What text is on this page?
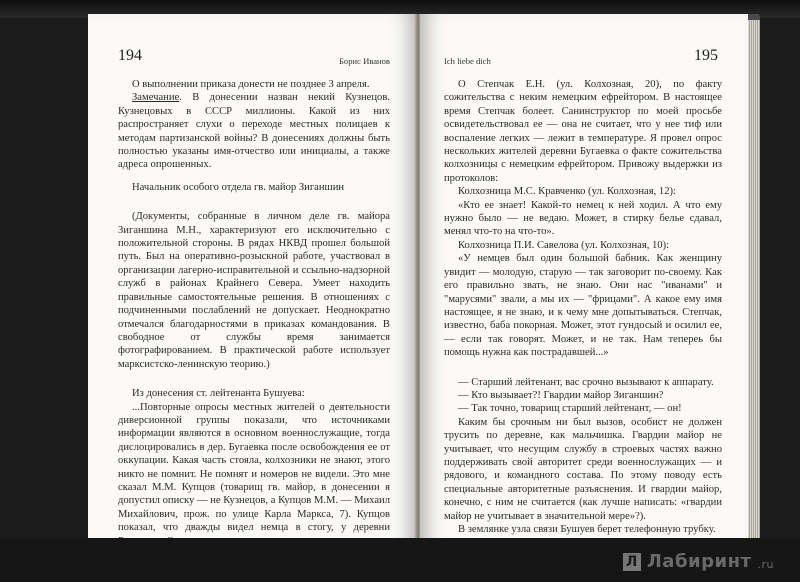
194	Борис Иванов

О выполнении приказа донести не позднее 3 апреля.

Замечание. В донесении назван некий Кузнецов. Кузнецовых в СССР миллионы. Какой из них распространяет слухи о переходе местных полицаев к методам партизанской войны? В донесениях должны быть полностью указаны имя-отчество или инициалы, а также адреса опрошенных.

Начальник особого отдела гв. майор Зиганшин

(Документы, собранные в личном деле гв. майора Зиганшина М.Н., характеризуют его исключительно с положительной стороны. В рядах НКВД прошел большой путь. Был на оперативно-розыскной работе, участвовал в организации лагерно-исправительной и ссыльно-надзорной служб в районах Крайнего Севера. Умеет находить правильные самостоятельные решения. В отношениях с подчиненными послаблений не допускает. Неоднократно отмечался благодарностями в приказах командования. В свободное от службы время занимается фотографированием. В практической работе использует марксистско-ленинскую теорию.)

Из донесения ст. лейтенанта Бушуева:

...Повторные опросы местных жителей о деятельности диверсионной группы показали, что источниками информации являются в основном военнослужащие, тогда дислоцировались в дер. Бугаевка после освобождения ее от оккупации. Какая часть стояла, колхозники не знают, этого никто не помнит. Не помнят и номеров не видели. Это мне сказал М.М. Купцов (товарищ гв. майор, в донесении я допустил описку — не Кузнецов, а Купцов М.М. — Михаил Михайлович, прож. по улице Карла Маркса, 7). Купцов показал, что дважды видел немца в стогу, у деревни

Ich liebe dich	195

О Степчак Е.Н. (ул. Колхозная, 20), по факту сожительства с неким немецким ефрейтором. В настоящее время Степчак болеет. Санинструктор по моей просьбе освидетельствовал ее — она не считает, что у нее тиф или воспаление легких — лежит в температуре. Я провел опрос нескольких жителей деревни Бугаевка о факте сожительства колхозницы с немецким ефрейтором. Привожу выдержки из протоколов:

Колхозница М.С. Кравченко (ул. Колхозная, 12):

«Кто ее знает! Какой-то немец к ней ходил. А что ему нужно было — не ведаю. Может, в стирку белье сдавал, менял что-то на что-то».

Колхозница П.И. Савелова (ул. Колхозная, 10):

«У немцев был один большой бабник. Как женщину увидит — молодую, старую — так заговорит по-своему. Как его правильно звать, не знаю. Они нас "иванами" и "марусями" звали, а мы их — "фрицами". А какое ему имя настоящее, я не знаю, и к чему мне допытываться. Степчак, известно, баба покорная. Может, этот гундосый и осилил ее, — если так говорят. Может, и не так. Нам тепереь бы помощь нужна как пострадавшей...»

— Старший лейтенант, вас срочно вызывают к аппарату.

— Кто вызывает?! Гвардии майор Зиганшин?

— Так точно, товарищ старший лейтенант, — он!

Каким бы срочным ни был вызов, особист не должен трусить по деревне, как мальчишка. Гвардии майор не учитывает, что несущим службу в строевых частях важно поддерживать свой авторитет среди военнослужащих — и рядового, и командного состава. По этому поводу есть специальные авторитетные разъяснения. И гвардии майор, конечно, с ним не считается (как лучше написать: «гвардии майор не учитывает в значительной мере»?).

В землянке узла связи Бушуев берет телефонную трубку.

Л Лабиринт .ru
